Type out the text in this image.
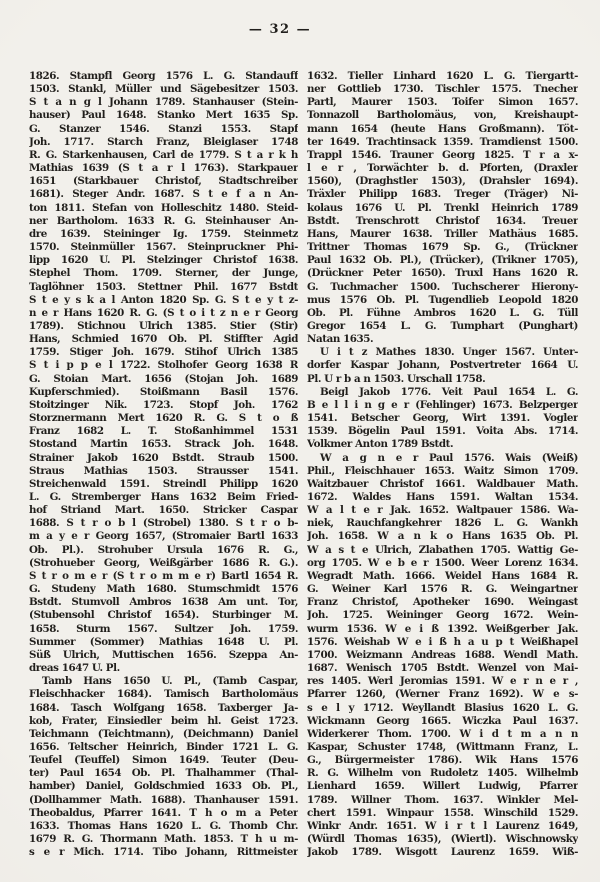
— 32 —
1826. Stampfl Georg 1576 L. G. Standauff
1503. Stankl, Müller und Sägebesitzer 1503.
S t a n g l Johann 1789. Stanhauser (Stein-
hauser) Paul 1648. Stanko Mert 1635 Sp.
G. Stanzer 1546. Stanzi 1553. Stapf
Joh. 1717. Starch Franz, Bleiglaser 1748
R. G. Starkenhausen, Carl de 1779. S t a r k h
Mathias 1639 (S t a r l 1763). Starkpauer
1651 (Starkbauer Christof, Stadtschreiber
1681). Steger Andr. 1687. S t e f a n An-
ton 1811. Stefan von Holleschitz 1480. Steid-
ner Bartholom. 1633 R. G. Steinhauser An-
dre 1639. Steininger Ig. 1759. Steinmetz
1570. Steinmüller 1567. Steinpruckner Phi-
lipp 1620 U. Pl. Stelzinger Christof 1638.
Stephel Thom. 1709. Sterner, der Junge,
Taglöhner 1503. Stettner Phil. 1677 Bstdt
S t e y s k a l Anton 1820 Sp. G. S t e y t z-
n e r Hans 1620 R. G. (S t o i t z n e r Georg
1789). Stichnou Ulrich 1385. Stier (Stir)
Hans, Schmied 1670 Ob. Pl. Stiffter Agid
1759. Stiger Joh. 1679. Stihof Ulrich 1385
S t i p p e l 1722. Stolhofer Georg 1638 R
G. Stoian Mart. 1656 (Stojan Joh. 1689
Kupferschmied). Stoißmann Basil 1576.
Stoitzinger Nik. 1723. Stopf Joh. 1762
Storznermann Mert 1620 R. G. S t o ß
Franz 1682 L. T. Stoßanhimmel 1531
Stostand Martin 1653. Strack Joh. 1648.
Strainer Jakob 1620 Bstdt. Straub 1500.
Straus Mathias 1503. Strausser 1541.
Streichenwald 1591. Streindl Philipp 1620
L. G. Stremberger Hans 1632 Beim Fried-
hof Striand Mart. 1650. Stricker Caspar
1688. S t r o b l (Strobel) 1380. S t r o b-
m a y e r Georg 1657, (Stromaier Bartl 1633
Ob. Pl.). Strohuber Ursula 1676 R. G.,
(Strohueber Georg, Weißgärber 1686 R. G.).
S t r o m e r (S t r o m m e r) Bartl 1654 R.
G. Studeny Math 1680. Stumschmidt 1576
Bstdt. Stumvoll Ambros 1638 Am unt. Tor,
(Stubensohl Christof 1654). Sturbinger M.
1658. Sturm 1567. Sultzer Joh. 1759.
Summer (Sommer) Mathias 1648 U. Pl.
Süß Ulrich, Muttischen 1656. Szeppa An-
dreas 1647 U. Pl.
Tamb Hans 1650 U. Pl., (Tamb Caspar,
Fleischhacker 1684). Tamisch Bartholomäus
1684. Tasch Wolfgang 1658. Taxberger Ja-
kob, Frater, Einsiedler beim hl. Geist 1723.
Teichmann (Teichtmann), (Deichmann) Daniel
1656. Teltscher Heinrich, Binder 1721 L. G.
Teufel (Teuffel) Simon 1649. Teuter (Deu-
ter) Paul 1654 Ob. Pl. Thalhammer (Thal-
hamber) Daniel, Goldschmied 1633 Ob. Pl.,
(Dollhammer Math. 1688). Thanhauser 1591.
Theobaldus, Pfarrer 1641. T h o m a Peter
1633. Thomas Hans 1620 L. G. Thomb Chr.
1679 R. G. Thormann Math. 1853. T h u m-
s e r Mich. 1714. Tibo Johann, Rittmeister
1632. Tieller Linhard 1620 L. G. Tiergartt-
ner Gottlieb 1730. Tischler 1575. Tnecher
Partl, Maurer 1503. Toifer Simon 1657.
Tonnazoll Bartholomäus, von, Kreishaupt-
mann 1654 (heute Hans Großmann). Töt-
ter 1649. Trachtinsack 1359. Tramdienst 1500.
Trappl 1546. Trauner Georg 1825. T r a x-
l e r , Torwächter b. d. Pforten, (Draxler
1560), (Draghstler 1503), (Drahsler 1694).
Träxler Philipp 1683. Treger (Träger) Ni-
kolaus 1676 U. Pl. Trenkl Heinrich 1789
Bstdt. Trenschrott Christof 1634. Treuer
Hans, Maurer 1638. Triller Mathäus 1685.
Trittner Thomas 1679 Sp. G., (Trückner
Paul 1632 Ob. Pl.), (Trücker), (Trikner 1705),
(Drückner Peter 1650). Truxl Hans 1620 R.
G. Tuchmacher 1500. Tuchscherer Hierony-
mus 1576 Ob. Pl. Tugendlieb Leopold 1820
Ob. Pl. Fühne Ambros 1620 L. G. Tüll
Gregor 1654 L. G. Tumphart (Punghart)
Natan 1635.
U i t z Mathes 1830. Unger 1567. Unter-
dorfer Kaspar Johann, Postvertreter 1664 U.
Pl. U r b a n 1503. Urschall 1758.
Beigl Jakob 1776. Veit Paul 1654 L. G.
B e l l i n g e r (Fehlinger) 1673. Belzperger
1541. Betscher Georg, Wirt 1391. Vogler
1539. Bögelin Paul 1591. Voita Abs. 1714.
Volkmer Anton 1789 Bstdt.
W a g n e r Paul 1576. Wais (Weiß)
Phil., Fleischhauer 1653. Waitz Simon 1709.
Waitzbauer Christof 1661. Waldbauer Math.
1672. Waldes Hans 1591. Waltan 1534.
W a l t e r Jak. 1652. Waltpauer 1586. Wa-
niek, Rauchfangkehrer 1826 L. G. Wankh
Joh. 1658. W a n k o Hans 1635 Ob. Pl.
W a s t e Ulrich, Zlabathen 1705. Wattig Ge-
org 1705. W e b e r 1500. Weer Lorenz 1634.
Wegradt Math. 1666. Weidel Hans 1684 R.
G. Weiner Karl 1576 R. G. Weingartner
Franz Christof, Apotheker 1690. Weingast
Joh. 1725. Weininger Georg 1672. Wein-
wurm 1536. W e i ß 1392. Weißgerber Jak.
1576. Weishab W e i ß h a u p t Weißhapel
1700. Weizmann Andreas 1688. Wendl Math.
1687. Wenisch 1705 Bstdt. Wenzel von Mai-
res 1405. Werl Jeromias 1591. W e r n e r ,
Pfarrer 1260, (Werner Franz 1692). W e s-
s e l y 1712. Weyllandt Blasius 1620 L. G.
Wickmann Georg 1665. Wiczka Paul 1637.
Widerkerer Thom. 1700. W i d t m a n n
Kaspar, Schuster 1748, (Wittmann Franz, L.
G., Bürgermeister 1786). Wik Hans 1576
R. G. Wilhelm von Rudoletz 1405. Wilhelmb
Lienhard 1659. Willert Ludwig, Pfarrer
1789. Willner Thom. 1637. Winkler Mel-
chert 1591. Winpaur 1558. Winschild 1529.
Winkr Andr. 1651. W i r t l Laurenz 1649,
(Würdl Thomas 1635), (Wiertl). Wischnowsky
Jakob 1789. Wisgott Laurenz 1659. Wiß-
